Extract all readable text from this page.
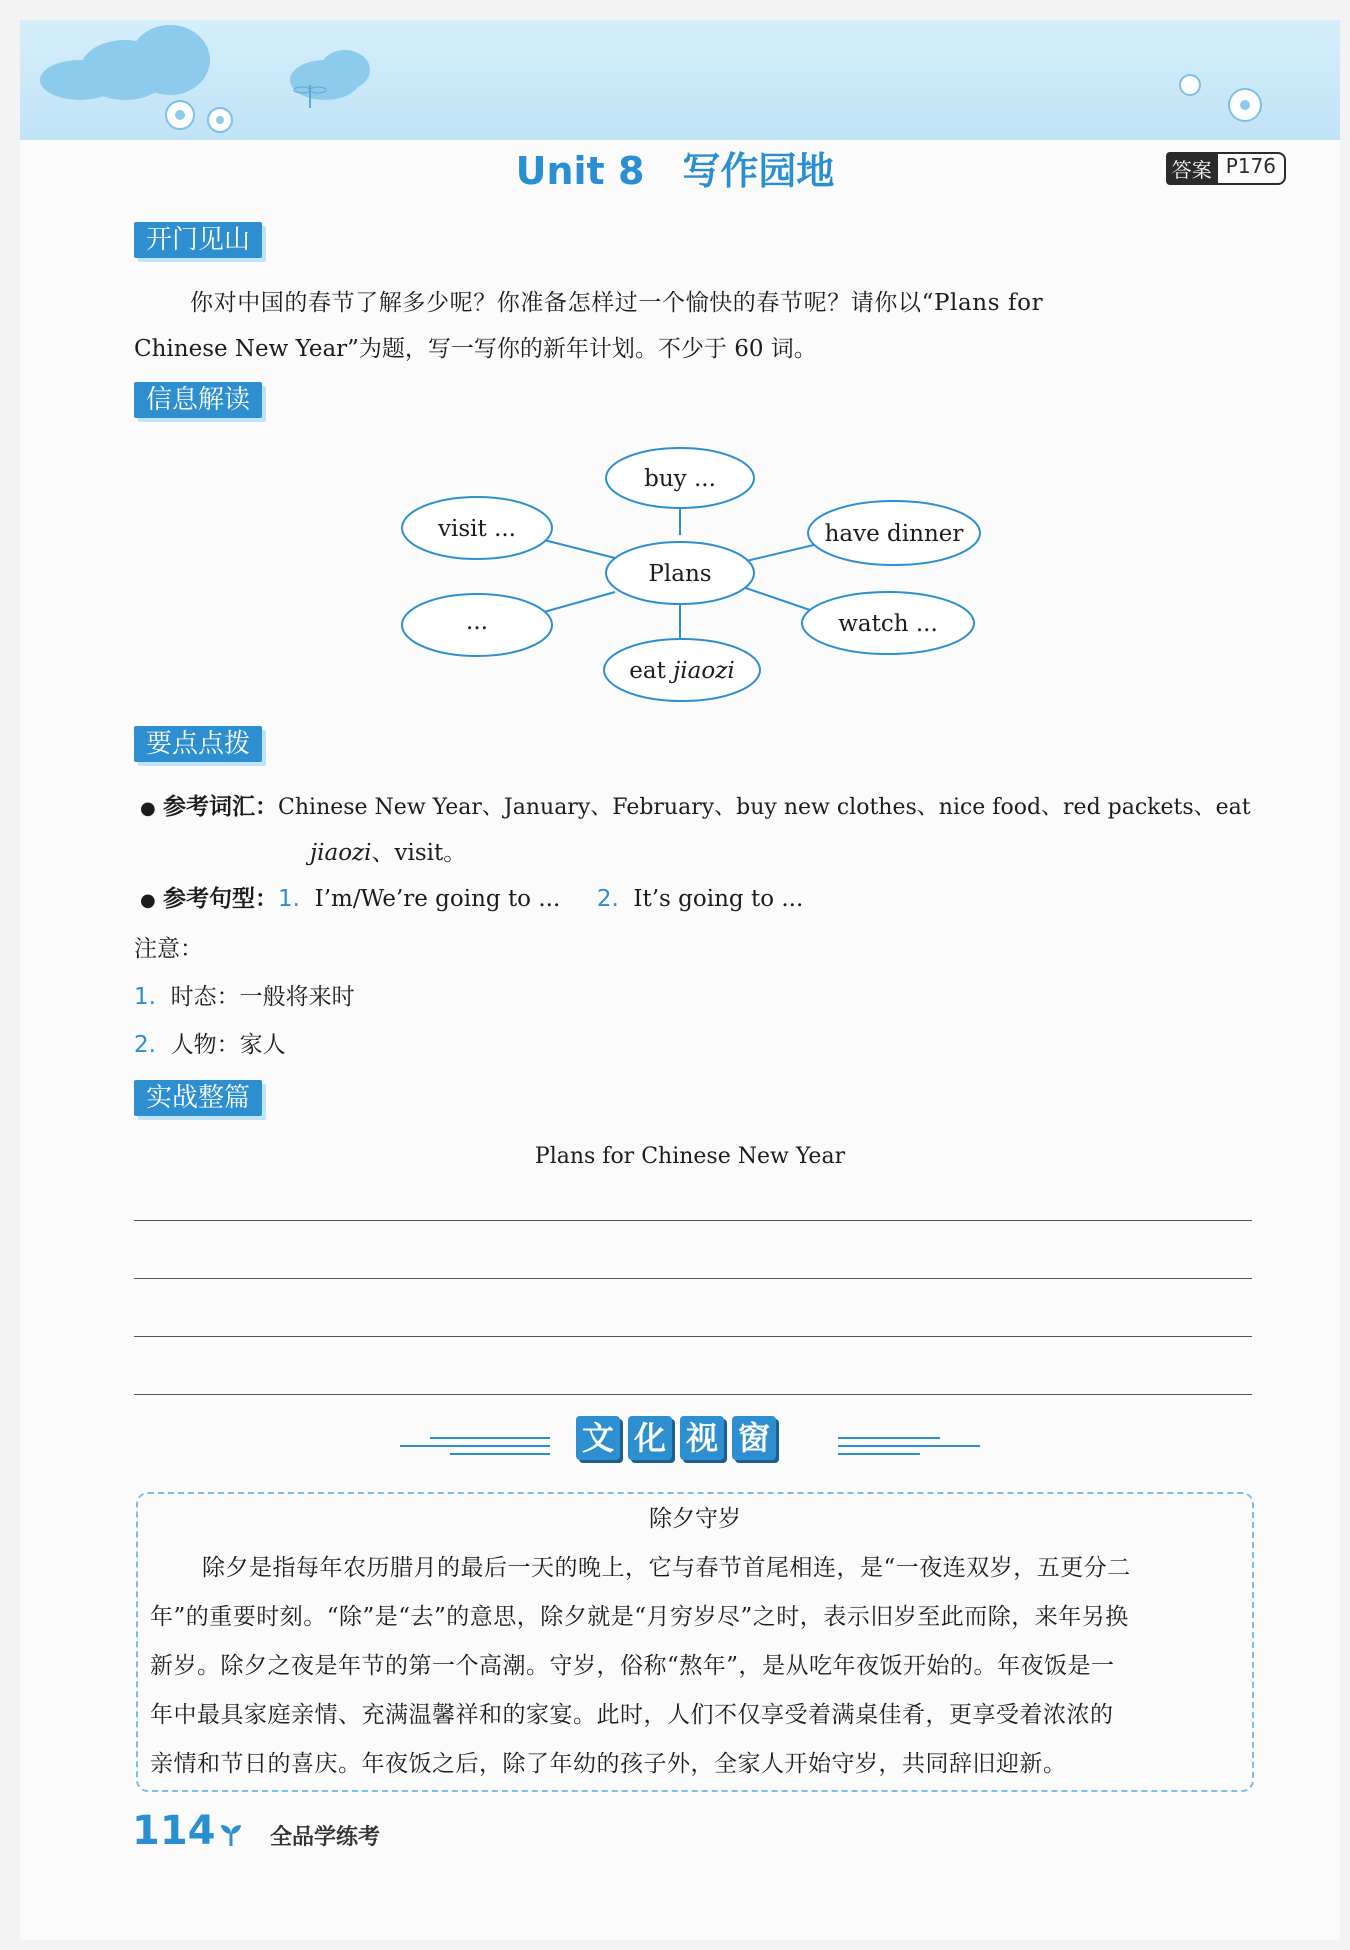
Unit 8　写作园地	答案 P176
开门见山
你对中国的春节了解多少呢？你准备怎样过一个愉快的春节呢？请你以“Plans for
Chinese New Year”为题，写一写你的新年计划。不少于 60 词。
信息解读
buy ...
visit ...	have dinner
Plans
...	watch ...
eat jiaozi
要点点拨
● 参考词汇：Chinese New Year、January、February、buy new clothes、nice food、red packets、eat
jiaozi、visit。
● 参考句型：1. I’m/We’re going to ... 2. It’s going to ...
注意：
1. 时态：一般将来时
2. 人物：家人
实战整篇
Plans for Chinese New Year
文 化 视 窗
除夕守岁
除夕是指每年农历腊月的最后一天的晚上，它与春节首尾相连，是“一夜连双岁，五更分二
年”的重要时刻。“除”是“去”的意思，除夕就是“月穷岁尽”之时，表示旧岁至此而除，来年另换
新岁。除夕之夜是年节的第一个高潮。守岁，俗称“熬年”，是从吃年夜饭开始的。年夜饭是一
年中最具家庭亲情、充满温馨祥和的家宴。此时，人们不仅享受着满桌佳肴，更享受着浓浓的
亲情和节日的喜庆。年夜饭之后，除了年幼的孩子外，全家人开始守岁，共同辞旧迎新。
114 全品学练考
